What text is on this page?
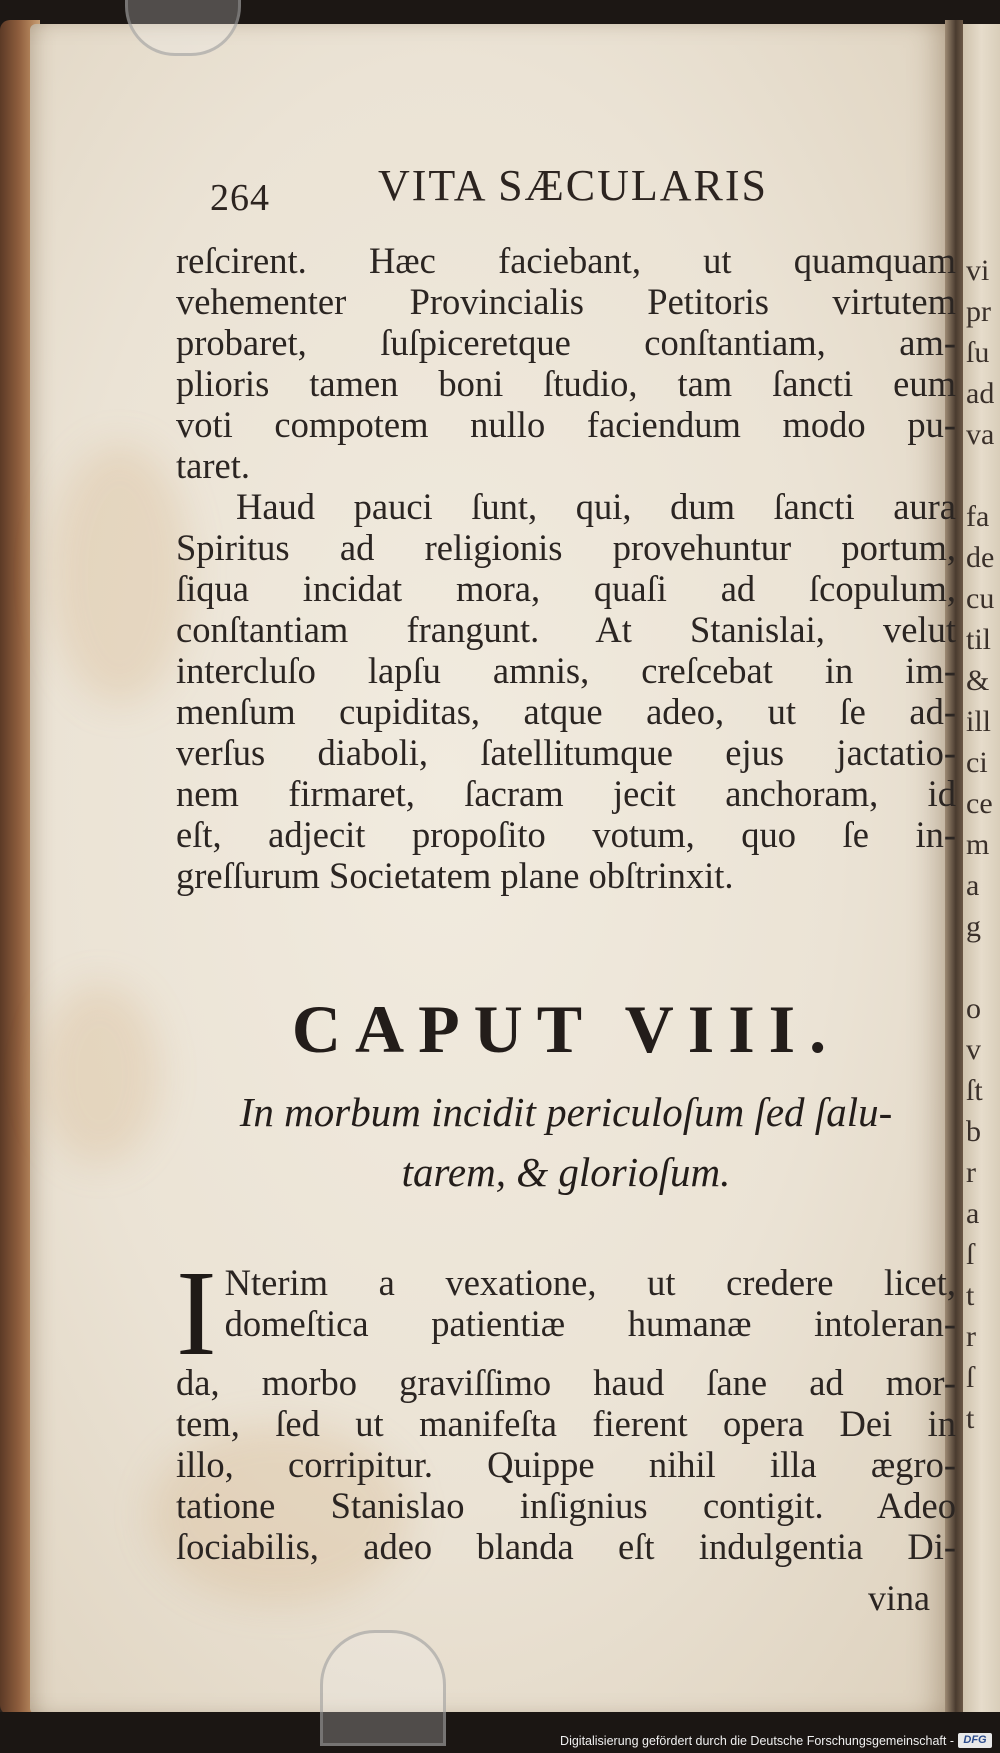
264 VITA SÆCULARIS
reſcirent. Hæc faciebant, ut quamquam
vehementer Provincialis Petitoris virtutem
probaret, ſuſpiceretque conſtantiam, am-
plioris tamen boni ſtudio, tam ſancti eum
voti compotem nullo faciendum modo pu-
taret.
Haud pauci ſunt, qui, dum ſancti aura
Spiritus ad religionis provehuntur portum,
ſiqua incidat mora, quaſi ad ſcopulum,
conſtantiam frangunt. At Stanislai, velut
intercluſo lapſu amnis, creſcebat in im-
menſum cupiditas, atque adeo, ut ſe ad-
verſus diaboli, ſatellitumque ejus jactatio-
nem firmaret, ſacram jecit anchoram, id
eſt, adjecit propoſito votum, quo ſe in-
greſſurum Societatem plane obſtrinxit.
CAPUT VIII.
In morbum incidit periculoſum ſed ſalu-
tarem, & glorioſum.
I Nterim a vexatione, ut credere licet,
domeſtica patientiæ humanæ intoleran-
da, morbo graviſſimo haud ſane ad mor-
tem, ſed ut manifeſta fierent opera Dei in
illo, corripitur. Quippe nihil illa ægro-
tatione Stanislao inſignius contigit. Adeo
ſociabilis, adeo blanda eſt indulgentia Di-
vina
vi
pr
ſu
ad
va
fa
de
cu
til
&
ill
ci
ce
m
a
g
o
v
ſt
b
r
a
ſ
t
r
ſ
t
Digitalisierung gefördert durch die Deutsche Forschungsgemeinschaft - DFG
